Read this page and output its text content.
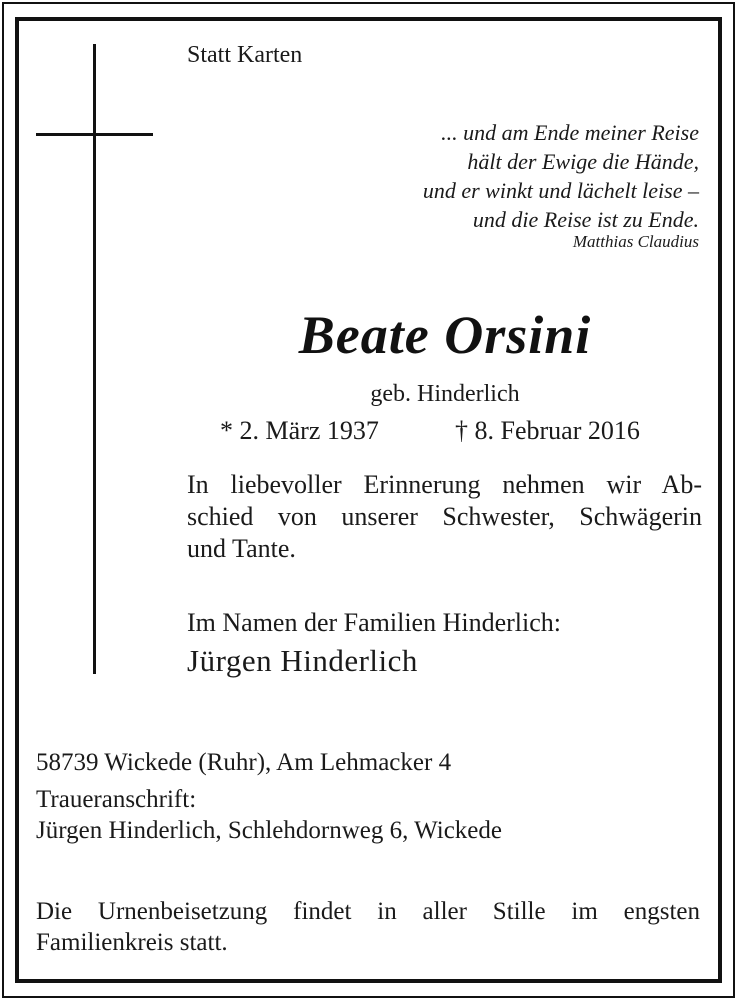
Statt Karten
... und am Ende meiner Reise
hält der Ewige die Hände,
und er winkt und lächelt leise –
und die Reise ist zu Ende.
Matthias Claudius
Beate Orsini
geb. Hinderlich
* 2. März 1937	† 8. Februar 2016
In liebevoller Erinnerung nehmen wir Ab-
schied von unserer Schwester, Schwägerin
und Tante.
Im Namen der Familien Hinderlich:
Jürgen Hinderlich
58739 Wickede (Ruhr), Am Lehmacker 4
Traueranschrift:
Jürgen Hinderlich, Schlehdornweg 6, Wickede
Die Urnenbeisetzung findet in aller Stille im engsten
Familienkreis statt.
